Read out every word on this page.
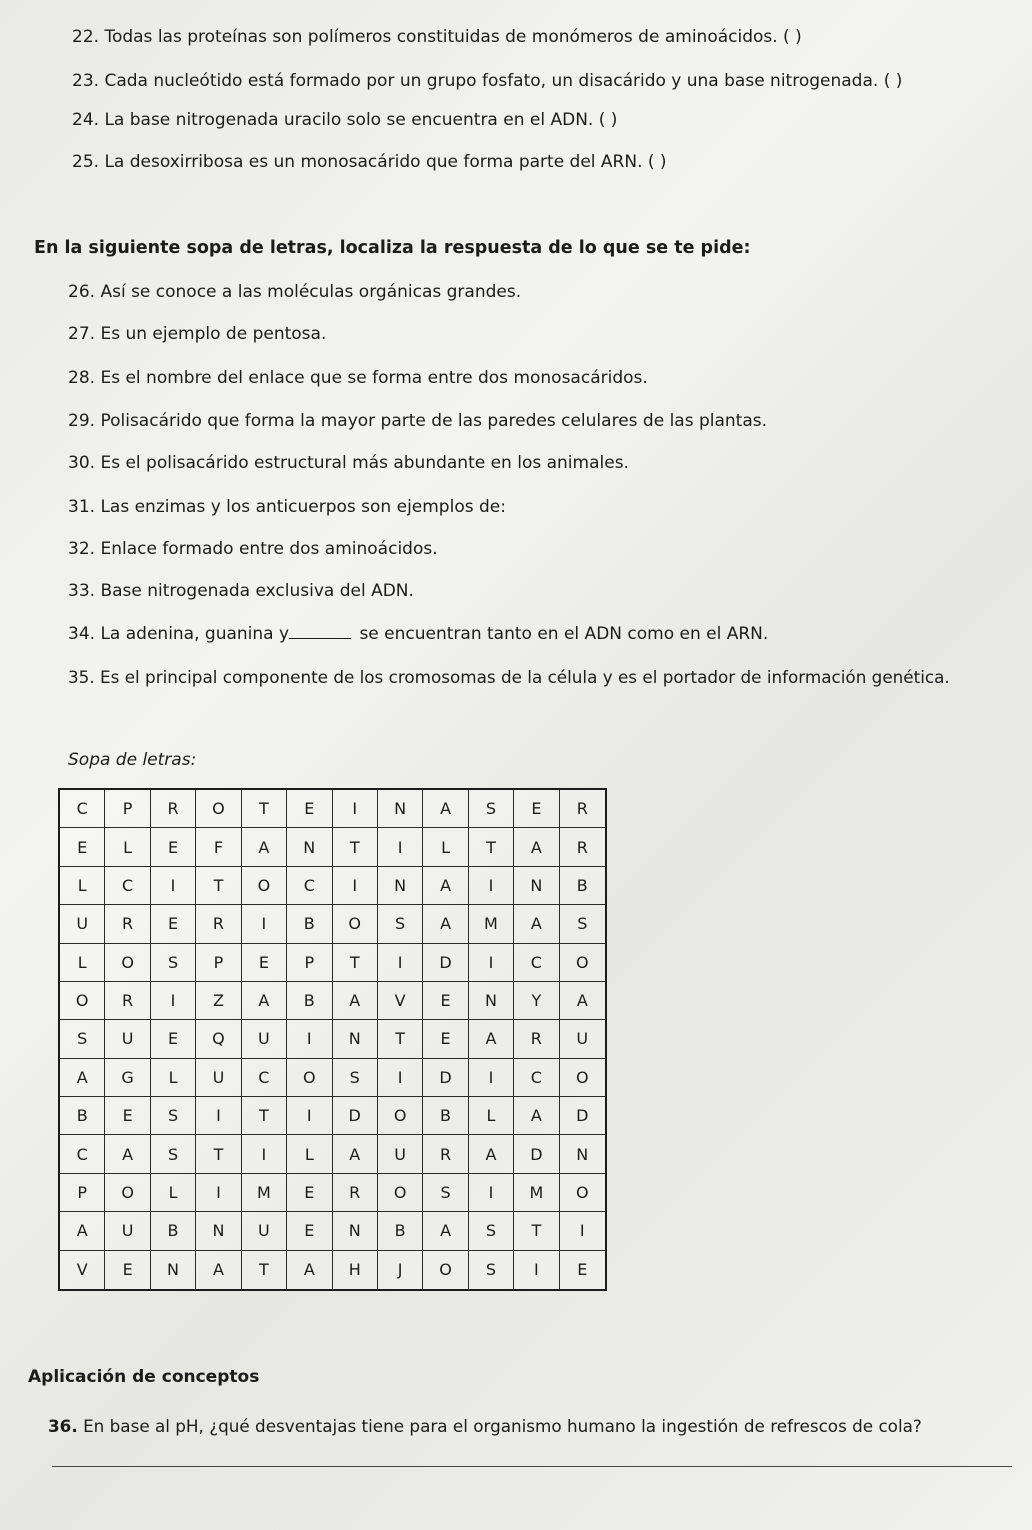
22. Todas las proteínas son polímeros constituidas de monómeros de aminoácidos. ( )
23. Cada nucleótido está formado por un grupo fosfato, un disacárido y una base nitrogenada. ( )
24. La base nitrogenada uracilo solo se encuentra en el ADN. ( )
25. La desoxirribosa es un monosacárido que forma parte del ARN. ( )
En la siguiente sopa de letras, localiza la respuesta de lo que se te pide:
26. Así se conoce a las moléculas orgánicas grandes.
27. Es un ejemplo de pentosa.
28. Es el nombre del enlace que se forma entre dos monosacáridos.
29. Polisacárido que forma la mayor parte de las paredes celulares de las plantas.
30. Es el polisacárido estructural más abundante en los animales.
31. Las enzimas y los anticuerpos son ejemplos de:
32. Enlace formado entre dos aminoácidos.
33. Base nitrogenada exclusiva del ADN.
34. La adenina, guanina y	se encuentran tanto en el ADN como en el ARN.
35. Es el principal componente de los cromosomas de la célula y es el portador de información genética.
Sopa de letras:
C	P	R	O	T	E	I	N	A	S	E	R
E	L	E	F	A	N	T	I	L	T	A	R
L	C	I	T	O	C	I	N	A	I	N	B
U	R	E	R	I	B	O	S	A	M	A	S
L	O	S	P	E	P	T	I	D	I	C	O
O	R	I	Z	A	B	A	V	E	N	Y	A
S	U	E	Q	U	I	N	T	E	A	R	U
A	G	L	U	C	O	S	I	D	I	C	O
B	E	S	I	T	I	D	O	B	L	A	D
C	A	S	T	I	L	A	U	R	A	D	N
P	O	L	I	M	E	R	O	S	I	M	O
A	U	B	N	U	E	N	B	A	S	T	I
V	E	N	A	T	A	H	J	O	S	I	E
Aplicación de conceptos
36. En base al pH, ¿qué desventajas tiene para el organismo humano la ingestión de refrescos de cola?
